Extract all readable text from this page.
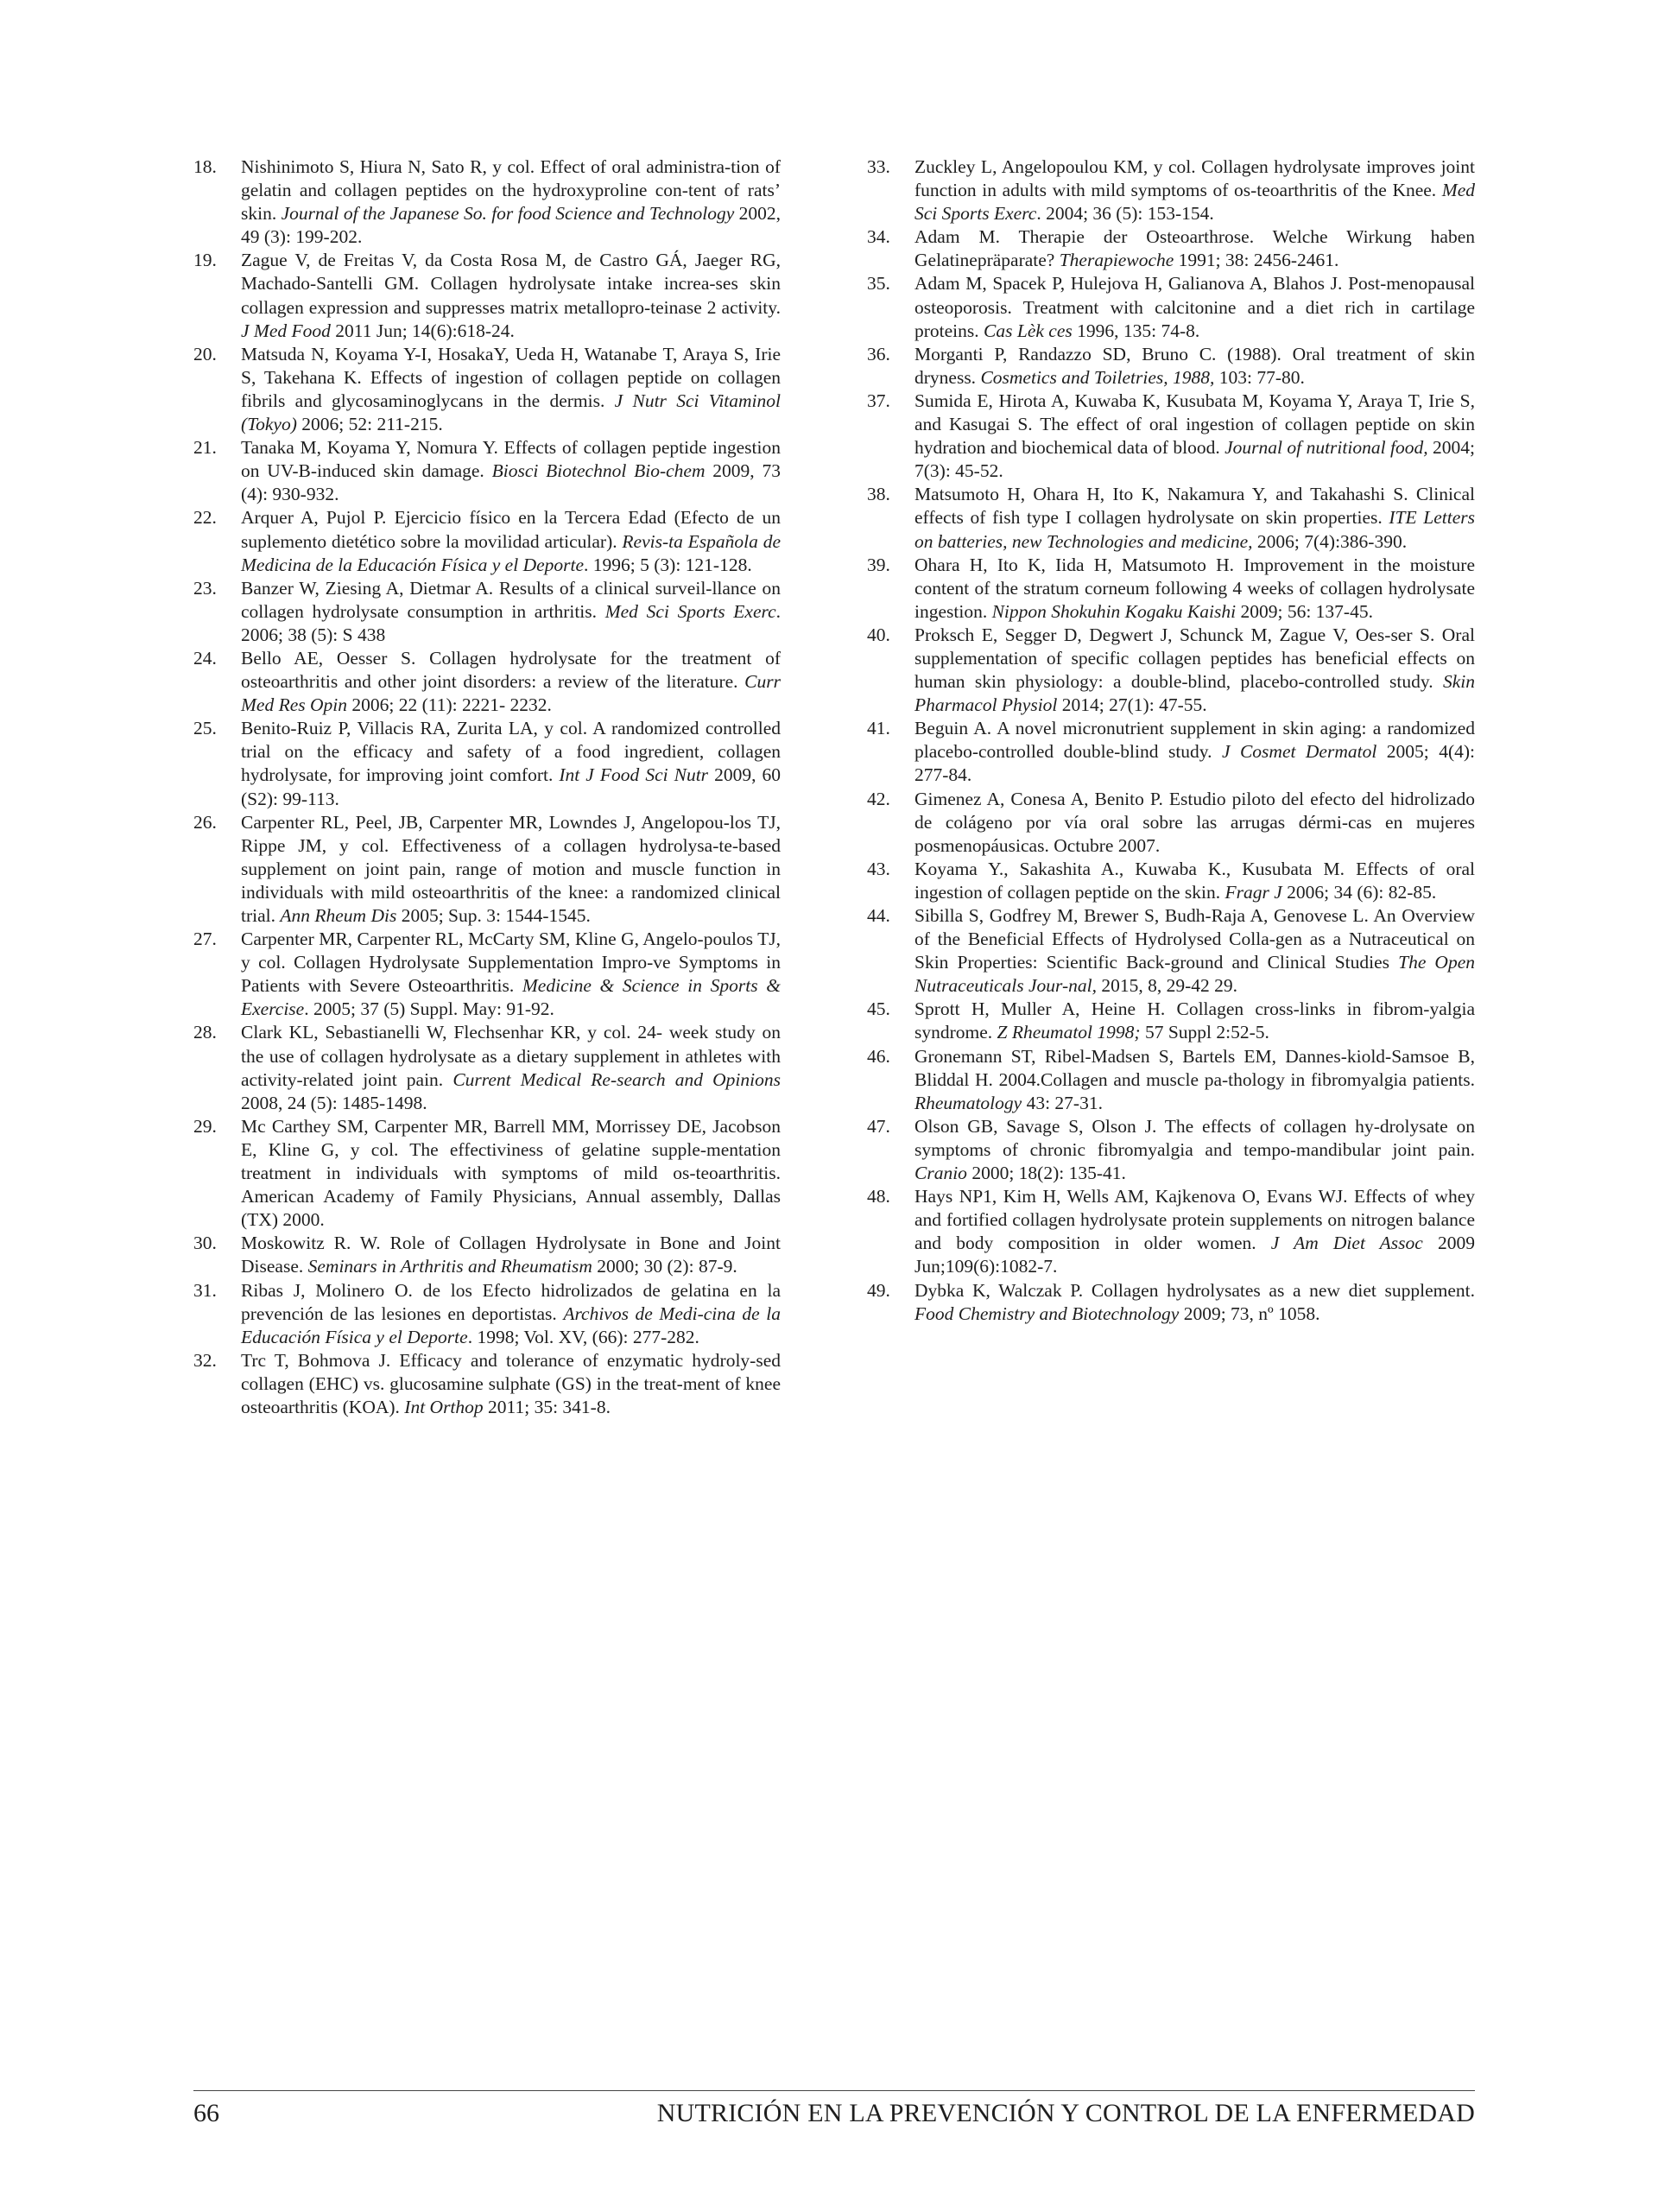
18. Nishinimoto S, Hiura N, Sato R, y col. Effect of oral administra-tion of gelatin and collagen peptides on the hydroxyproline con-tent of rats’ skin. Journal of the Japanese So. for food Science and Technology 2002, 49 (3): 199-202.
19. Zague V, de Freitas V, da Costa Rosa M, de Castro GÁ, Jaeger RG, Machado-Santelli GM. Collagen hydrolysate intake increa-ses skin collagen expression and suppresses matrix metallopro-teinase 2 activity. J Med Food 2011 Jun; 14(6):618-24.
20. Matsuda N, Koyama Y-I, HosakaY, Ueda H, Watanabe T, Araya S, Irie S, Takehana K. Effects of ingestion of collagen peptide on collagen fibrils and glycosaminoglycans in the dermis. J Nutr Sci Vitaminol (Tokyo) 2006; 52: 211-215.
21. Tanaka M, Koyama Y, Nomura Y. Effects of collagen peptide ingestion on UV-B-induced skin damage. Biosci Biotechnol Bio-chem 2009, 73 (4): 930-932.
22. Arquer A, Pujol P. Ejercicio físico en la Tercera Edad (Efecto de un suplemento dietético sobre la movilidad articular). Revis-ta Española de Medicina de la Educación Física y el Deporte. 1996; 5 (3): 121-128.
23. Banzer W, Ziesing A, Dietmar A. Results of a clinical surveil-llance on collagen hydrolysate consumption in arthritis. Med Sci Sports Exerc. 2006; 38 (5): S 438
24. Bello AE, Oesser S. Collagen hydrolysate for the treatment of osteoarthritis and other joint disorders: a review of the literature. Curr Med Res Opin 2006; 22 (11): 2221- 2232.
25. Benito-Ruiz P, Villacis RA, Zurita LA, y col. A randomized controlled trial on the efficacy and safety of a food ingredient, collagen hydrolysate, for improving joint comfort. Int J Food Sci Nutr 2009, 60 (S2): 99-113.
26. Carpenter RL, Peel, JB, Carpenter MR, Lowndes J, Angelopou-los TJ, Rippe JM, y col. Effectiveness of a collagen hydrolysa-te-based supplement on joint pain, range of motion and muscle function in individuals with mild osteoarthritis of the knee: a randomized clinical trial. Ann Rheum Dis 2005; Sup. 3: 1544-1545.
27. Carpenter MR, Carpenter RL, McCarty SM, Kline G, Angelo-poulos TJ, y col. Collagen Hydrolysate Supplementation Impro-ve Symptoms in Patients with Severe Osteoarthritis. Medicine & Science in Sports & Exercise. 2005; 37 (5) Suppl. May: 91-92.
28. Clark KL, Sebastianelli W, Flechsenhar KR, y col. 24- week study on the use of collagen hydrolysate as a dietary supplement in athletes with activity-related joint pain. Current Medical Re-search and Opinions 2008, 24 (5): 1485-1498.
29. Mc Carthey SM, Carpenter MR, Barrell MM, Morrissey DE, Jacobson E, Kline G, y col. The effectiviness of gelatine supple-mentation treatment in individuals with symptoms of mild os-teoarthritis. American Academy of Family Physicians, Annual assembly, Dallas (TX) 2000.
30. Moskowitz R. W. Role of Collagen Hydrolysate in Bone and Joint Disease. Seminars in Arthritis and Rheumatism 2000; 30 (2): 87-9.
31. Ribas J, Molinero O. de los Efecto hidrolizados de gelatina en la prevención de las lesiones en deportistas. Archivos de Medi-cina de la Educación Física y el Deporte. 1998; Vol. XV, (66): 277-282.
32. Trc T, Bohmova J. Efficacy and tolerance of enzymatic hydroly-sed collagen (EHC) vs. glucosamine sulphate (GS) in the treat-ment of knee osteoarthritis (KOA). Int Orthop 2011; 35: 341-8.
33. Zuckley L, Angelopoulou KM, y col. Collagen hydrolysate improves joint function in adults with mild symptoms of os-teoarthritis of the Knee. Med Sci Sports Exerc. 2004; 36 (5): 153-154.
34. Adam M. Therapie der Osteoarthrose. Welche Wirkung haben Gelatinepräparate? Therapiewoche 1991; 38: 2456-2461.
35. Adam M, Spacek P, Hulejova H, Galianova A, Blahos J. Post-menopausal osteoporosis. Treatment with calcitonine and a diet rich in cartilage proteins. Cas Lèk ces 1996, 135: 74-8.
36. Morganti P, Randazzo SD, Bruno C. (1988). Oral treatment of skin dryness. Cosmetics and Toiletries, 1988, 103: 77-80.
37. Sumida E, Hirota A, Kuwaba K, Kusubata M, Koyama Y, Araya T, Irie S, and Kasugai S. The effect of oral ingestion of collagen peptide on skin hydration and biochemical data of blood. Journal of nutritional food, 2004; 7(3): 45-52.
38. Matsumoto H, Ohara H, Ito K, Nakamura Y, and Takahashi S. Clinical effects of fish type I collagen hydrolysate on skin properties. ITE Letters on batteries, new Technologies and medicine, 2006; 7(4):386-390.
39. Ohara H, Ito K, Iida H, Matsumoto H. Improvement in the moisture content of the stratum corneum following 4 weeks of collagen hydrolysate ingestion. Nippon Shokuhin Kogaku Kaishi 2009; 56: 137-45.
40. Proksch E, Segger D, Degwert J, Schunck M, Zague V, Oes-ser S. Oral supplementation of specific collagen peptides has beneficial effects on human skin physiology: a double-blind, placebo-controlled study. Skin Pharmacol Physiol 2014; 27(1): 47-55.
41. Beguin A. A novel micronutrient supplement in skin aging: a randomized placebo-controlled double-blind study. J Cosmet Dermatol 2005; 4(4): 277-84.
42. Gimenez A, Conesa A, Benito P. Estudio piloto del efecto del hidrolizado de colágeno por vía oral sobre las arrugas dérmi-cas en mujeres posmenopáusicas. Octubre 2007.
43. Koyama Y., Sakashita A., Kuwaba K., Kusubata M. Effects of oral ingestion of collagen peptide on the skin. Fragr J 2006; 34 (6): 82-85.
44. Sibilla S, Godfrey M, Brewer S, Budh-Raja A, Genovese L. An Overview of the Beneficial Effects of Hydrolysed Colla-gen as a Nutraceutical on Skin Properties: Scientific Back-ground and Clinical Studies The Open Nutraceuticals Jour-nal, 2015, 8, 29-42 29.
45. Sprott H, Muller A, Heine H. Collagen cross-links in fibrom-yalgia syndrome. Z Rheumatol 1998; 57 Suppl 2:52-5.
46. Gronemann ST, Ribel-Madsen S, Bartels EM, Dannes-kiold-Samsoe B, Bliddal H. 2004.Collagen and muscle pa-thology in fibromyalgia patients. Rheumatology 43: 27-31.
47. Olson GB, Savage S, Olson J. The effects of collagen hy-drolysate on symptoms of chronic fibromyalgia and tempo-mandibular joint pain. Cranio 2000; 18(2): 135-41.
48. Hays NP1, Kim H, Wells AM, Kajkenova O, Evans WJ. Effects of whey and fortified collagen hydrolysate protein supplements on nitrogen balance and body composition in older women. J Am Diet Assoc 2009 Jun;109(6):1082-7.
49. Dybka K, Walczak P. Collagen hydrolysates as a new diet supplement. Food Chemistry and Biotechnology 2009; 73, nº 1058.
66	NUTRICIÓN EN LA PREVENCIÓN Y CONTROL DE LA ENFERMEDAD
